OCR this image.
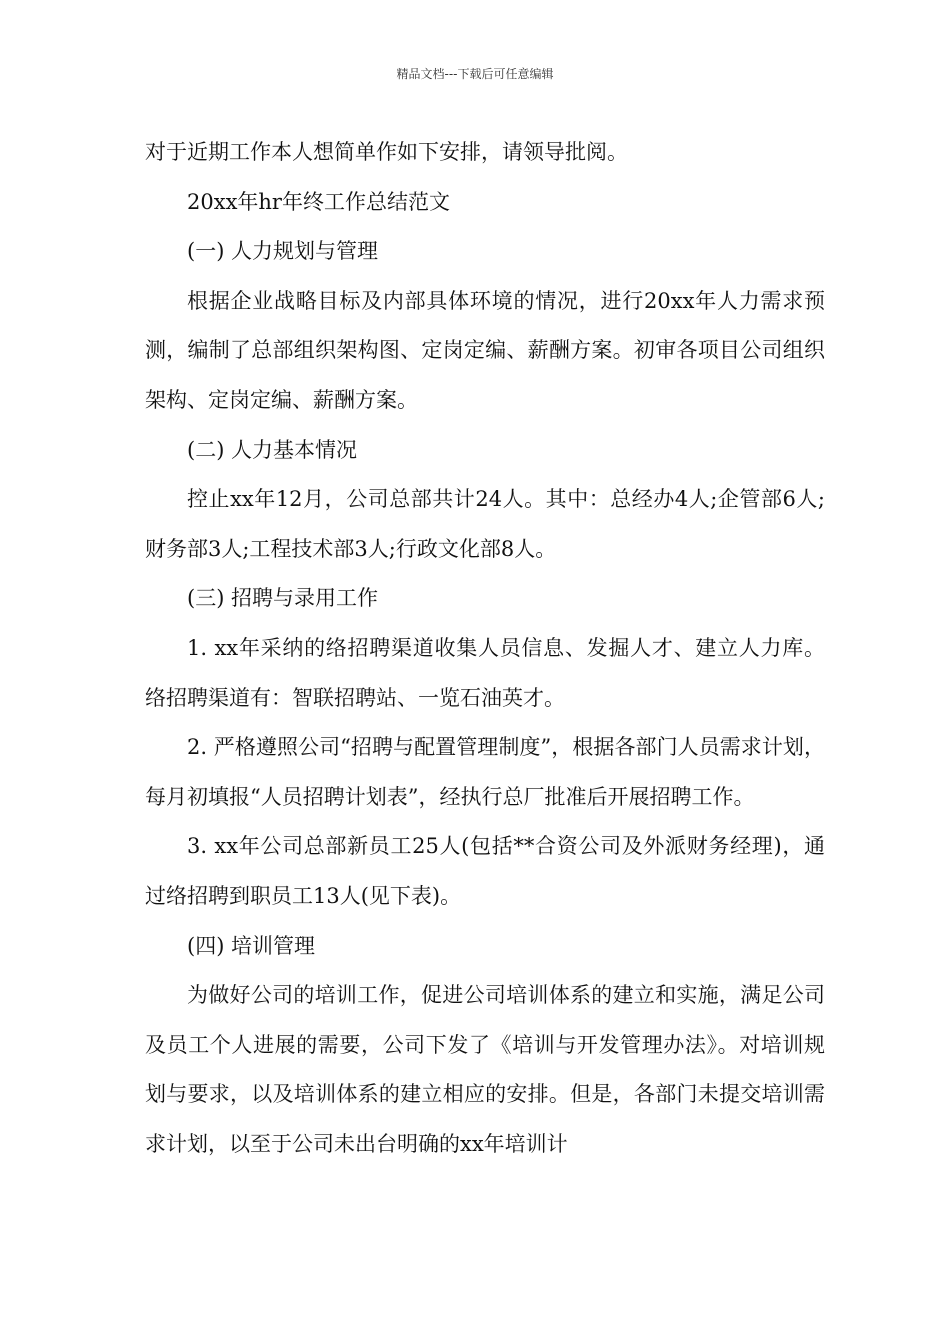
精品文档---下载后可任意编辑

对于近期工作本人想简单作如下安排，请领导批阅。

20xx年hr年终工作总结范文

(一) 人力规划与管理

根据企业战略目标及内部具体环境的情况，进行20xx年人力需求预测，编制了总部组织架构图、定岗定编、薪酬方案。初审各项目公司组织架构、定岗定编、薪酬方案。

(二) 人力基本情况

控止xx年12月，公司总部共计24人。其中：总经办4人;企管部6人;财务部3人;工程技术部3人;行政文化部8人。

(三) 招聘与录用工作

1. xx年采纳的络招聘渠道收集人员信息、发掘人才、建立人力库。络招聘渠道有：智联招聘站、一览石油英才。

2. 严格遵照公司“招聘与配置管理制度”，根据各部门人员需求计划，每月初填报“人员招聘计划表”，经执行总厂批准后开展招聘工作。

3. xx年公司总部新员工25人(包括**合资公司及外派财务经理)，通过络招聘到职员工13人(见下表)。

(四) 培训管理

为做好公司的培训工作，促进公司培训体系的建立和实施，满足公司及员工个人进展的需要，公司下发了《培训与开发管理办法》。对培训规划与要求，以及培训体系的建立相应的安排。但是，各部门未提交培训需求计划，以至于公司未出台明确的xx年培训计
